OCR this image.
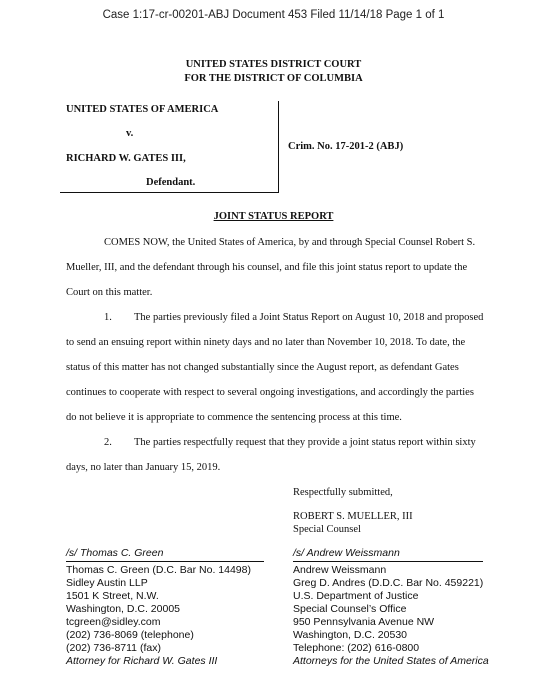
Case 1:17-cr-00201-ABJ Document 453 Filed 11/14/18 Page 1 of 1
UNITED STATES DISTRICT COURT
FOR THE DISTRICT OF COLUMBIA
UNITED STATES OF AMERICA
v.
RICHARD W. GATES III,
Defendant.
Crim. No. 17-201-2 (ABJ)
JOINT STATUS REPORT
COMES NOW, the United States of America, by and through Special Counsel Robert S.
Mueller, III, and the defendant through his counsel, and file this joint status report to update the
Court on this matter.
1. The parties previously filed a Joint Status Report on August 10, 2018 and proposed
to send an ensuing report within ninety days and no later than November 10, 2018. To date, the
status of this matter has not changed substantially since the August report, as defendant Gates
continues to cooperate with respect to several ongoing investigations, and accordingly the parties
do not believe it is appropriate to commence the sentencing process at this time.
2. The parties respectfully request that they provide a joint status report within sixty
days, no later than January 15, 2019.
Respectfully submitted,
ROBERT S. MUELLER, III
Special Counsel
/s/ Thomas C. Green
Thomas C. Green (D.C. Bar No. 14498)
Sidley Austin LLP
1501 K Street, N.W.
Washington, D.C. 20005
tcgreen@sidley.com
(202) 736-8069 (telephone)
(202) 736-8711 (fax)
Attorney for Richard W. Gates III
/s/ Andrew Weissmann
Andrew Weissmann
Greg D. Andres (D.D.C. Bar No. 459221)
U.S. Department of Justice
Special Counsel’s Office
950 Pennsylvania Avenue NW
Washington, D.C. 20530
Telephone: (202) 616-0800
Attorneys for the United States of America
